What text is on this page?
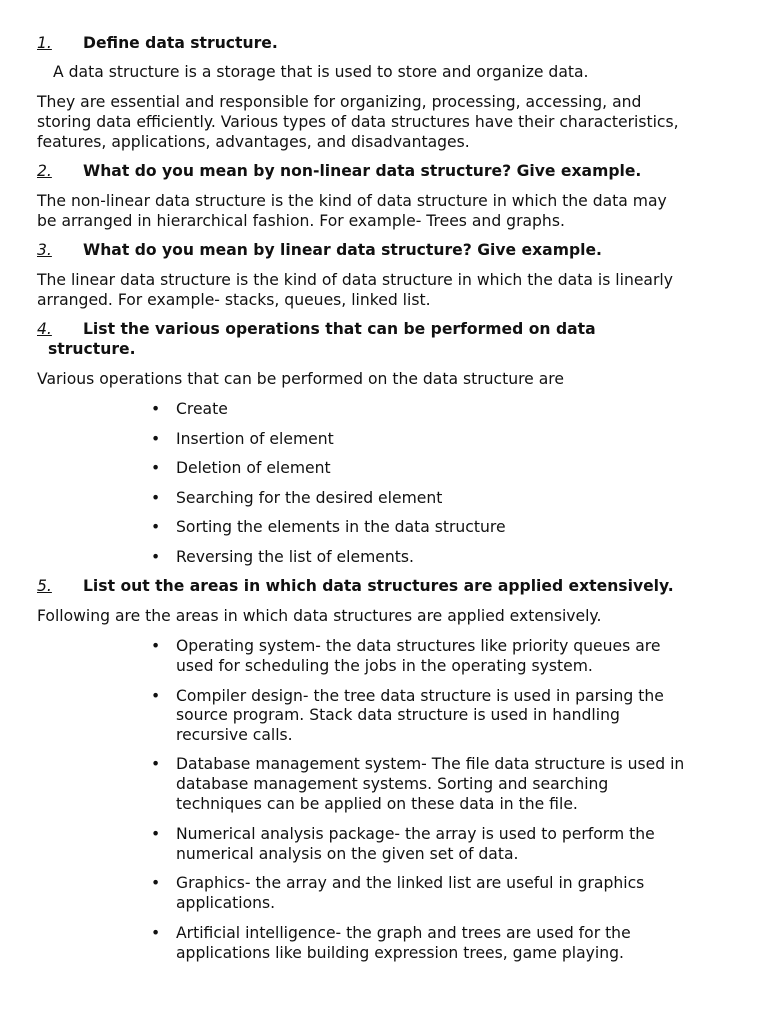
1. Define data structure.

A data structure is a storage that is used to store and organize data.

They are essential and responsible for organizing, processing, accessing, and

storing data efficiently. Various types of data structures have their characteristics,

features, applications, advantages, and disadvantages.

2. What do you mean by non-linear data structure? Give example.

The non-linear data structure is the kind of data structure in which the data may

be arranged in hierarchical fashion. For example- Trees and graphs.

3. What do you mean by linear data structure? Give example.

The linear data structure is the kind of data structure in which the data is linearly

arranged. For example- stacks, queues, linked list.

4. List the various operations that can be performed on data

structure.

Various operations that can be performed on the data structure are

• Create

• Insertion of element

• Deletion of element

• Searching for the desired element

• Sorting the elements in the data structure

• Reversing the list of elements.

5. List out the areas in which data structures are applied extensively.

Following are the areas in which data structures are applied extensively.

• Operating system- the data structures like priority queues are

used for scheduling the jobs in the operating system.

• Compiler design- the tree data structure is used in parsing the

source program. Stack data structure is used in handling

recursive calls.

• Database management system- The file data structure is used in

database management systems. Sorting and searching

techniques can be applied on these data in the file.

• Numerical analysis package- the array is used to perform the

numerical analysis on the given set of data.

• Graphics- the array and the linked list are useful in graphics

applications.

• Artificial intelligence- the graph and trees are used for the

applications like building expression trees, game playing.
